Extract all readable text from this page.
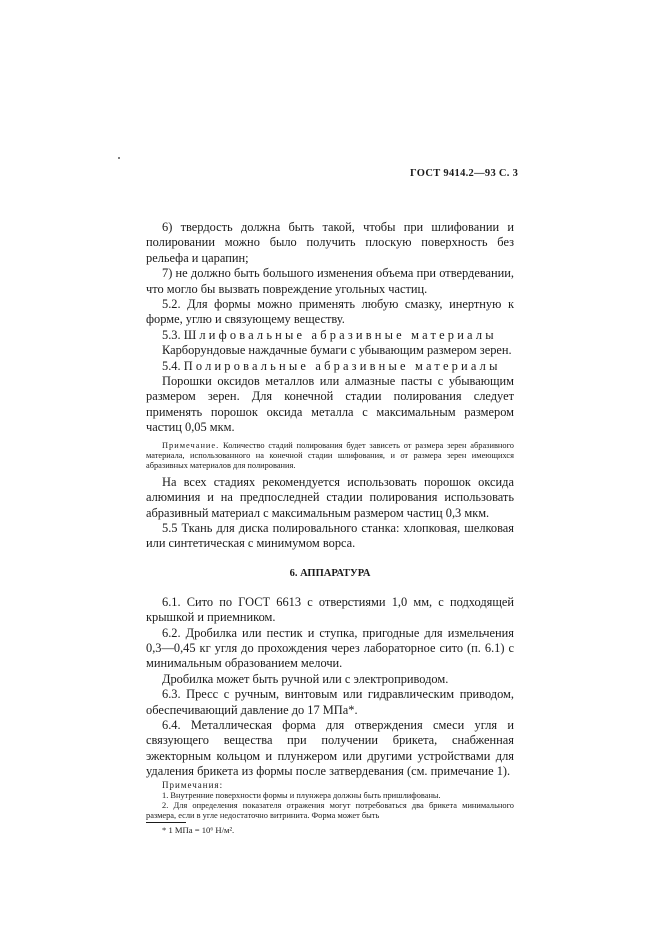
ГОСТ 9414.2—93 С. 3

6) твердость должна быть такой, чтобы при шлифовании и полировании можно было получить плоскую поверхность без рельефа и царапин;

7) не должно быть большого изменения объема при отвердевании, что могло бы вызвать повреждение угольных частиц.

5.2. Для формы можно применять любую смазку, инертную к форме, углю и связующему веществу.

5.3. Шлифовальные абразивные материалы

Карборундовые наждачные бумаги с убывающим размером зерен.

5.4. Полировальные абразивные материалы

Порошки оксидов металлов или алмазные пасты с убывающим размером зерен. Для конечной стадии полирования следует применять порошок оксида металла с максимальным размером частиц 0,05 мкм.

Примечание. Количество стадий полирования будет зависеть от размера зерен абразивного материала, использованного на конечной стадии шлифования, и от размера зерен имеющихся абразивных материалов для полирования.

На всех стадиях рекомендуется использовать порошок оксида алюминия и на предпоследней стадии полирования использовать абразивный материал с максимальным размером частиц 0,3 мкм.

5.5 Ткань для диска полировального станка: хлопковая, шелковая или синтетическая с минимумом ворса.

6. АППАРАТУРА

6.1. Сито по ГОСТ 6613 с отверстиями 1,0 мм, с подходящей крышкой и приемником.

6.2. Дробилка или пестик и ступка, пригодные для измельчения 0,3—0,45 кг угля до прохождения через лабораторное сито (п. 6.1) с минимальным образованием мелочи.

Дробилка может быть ручной или с электроприводом.

6.3. Пресс с ручным, винтовым или гидравлическим приводом, обеспечивающий давление до 17 МПа*.

6.4. Металлическая форма для отверждения смеси угля и связующего вещества при получении брикета, снабженная эжекторным кольцом и плунжером или другими устройствами для удаления брикета из формы после затвердевания (см. примечание 1).

Примечания:

1. Внутренние поверхности формы и плунжера должны быть пришлифованы.

2. Для определения показателя отражения могут потребоваться два брикета минимального размера, если в угле недостаточно витринита. Форма может быть

* 1 МПа = 10⁶ Н/м².
